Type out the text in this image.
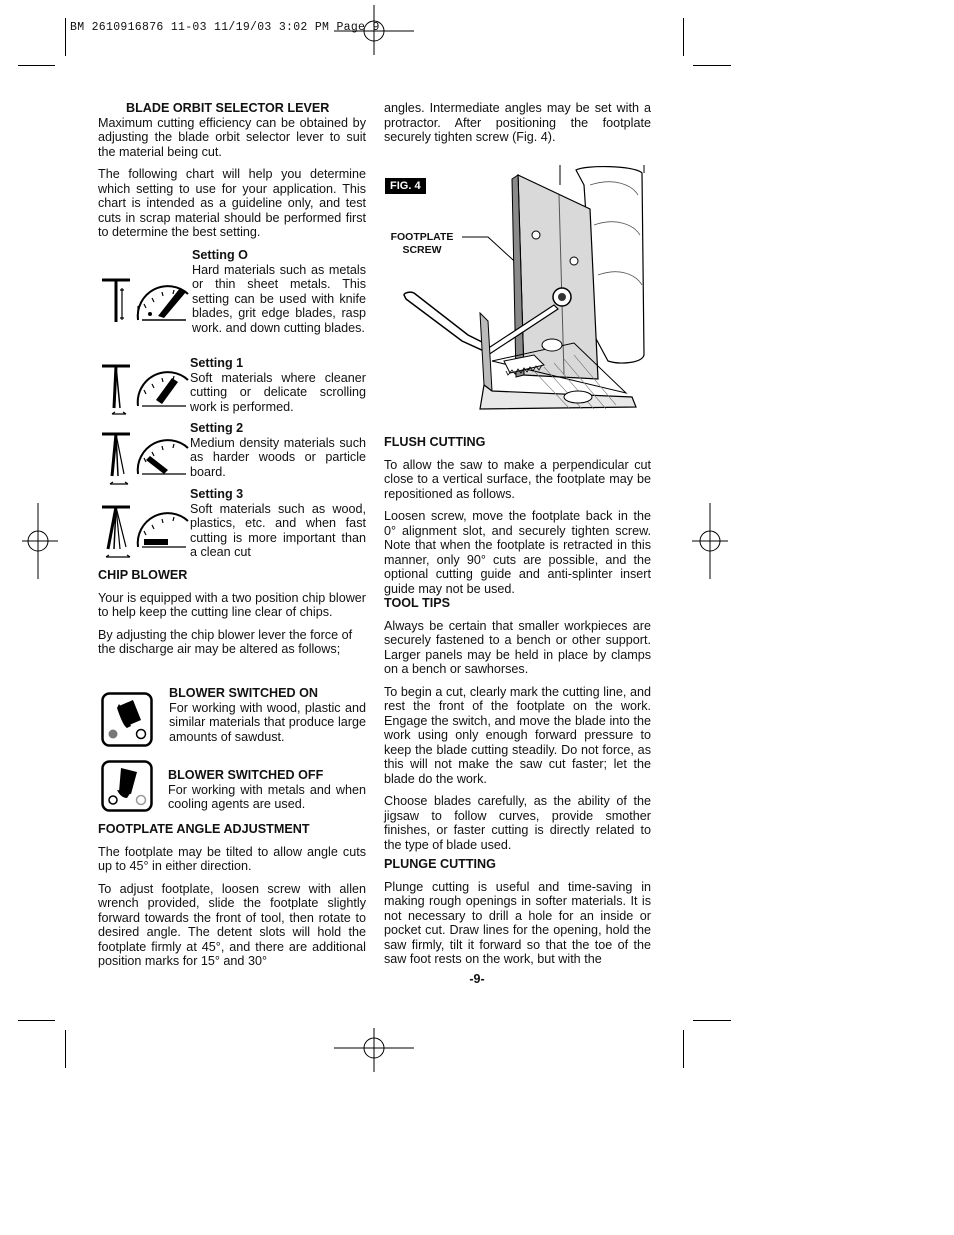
BM 2610916876 11-03 11/19/03 3:02 PM Page 9

BLADE ORBIT SELECTOR LEVER

Maximum cutting efficiency can be obtained by adjusting the blade orbit selector lever to suit the material being cut.

The following chart will help you determine which setting to use for your application. This chart is intended as a guideline only, and test cuts in scrap material should be performed first to determine the best setting.

Setting O

Hard materials such as metals or thin sheet metals. This setting can be used with knife blades, grit edge blades, rasp work. and down cutting blades.

Setting 1

Soft materials where cleaner cutting or delicate scrolling work is performed.

Setting 2

Medium density materials such as harder woods or particle board.

Setting 3

Soft materials such as wood, plastics, etc. and when fast cutting is more important than a clean cut

CHIP BLOWER

Your is equipped with a two position chip blower to help keep the cutting line clear of chips.

By adjusting the chip blower lever the force of the discharge air may be altered as follows;

BLOWER SWITCHED ON

For working with wood, plastic and similar materials that produce large amounts of sawdust.

BLOWER SWITCHED OFF

For working with metals and when cooling agents are used.

FOOTPLATE ANGLE ADJUSTMENT

The footplate may be tilted to allow angle cuts up to 45° in either direction.

To adjust footplate, loosen screw with allen wrench provided, slide the footplate slightly forward towards the front of tool, then rotate to desired angle. The detent slots will hold the footplate firmly at 45°, and there are additional position marks for 15° and 30°

angles. Intermediate angles may be set with a protractor. After positioning the footplate securely tighten screw (Fig. 4).

FIG. 4
FOOTPLATE SCREW

FLUSH CUTTING

To allow the saw to make a perpendicular cut close to a vertical surface, the footplate may be repositioned as follows.

Loosen screw, move the footplate back in the 0° alignment slot, and securely tighten screw. Note that when the footplate is retracted in this manner, only 90° cuts are possible, and the optional cutting guide and anti-splinter insert guide may not be used.

TOOL TIPS

Always be certain that smaller workpieces are securely fastened to a bench or other support. Larger panels may be held in place by clamps on a bench or sawhorses.

To begin a cut, clearly mark the cutting line, and rest the front of the footplate on the work. Engage the switch, and move the blade into the work using only enough forward pressure to keep the blade cutting steadily. Do not force, as this will not make the saw cut faster; let the blade do the work.

Choose blades carefully, as the ability of the jigsaw to follow curves, provide smother finishes, or faster cutting is directly related to the type of blade used.

PLUNGE CUTTING

Plunge cutting is useful and time-saving in making rough openings in softer materials. It is not necessary to drill a hole for an inside or pocket cut. Draw lines for the opening, hold the saw firmly, tilt it forward so that the toe of the saw foot rests on the work, but with the

-9-
